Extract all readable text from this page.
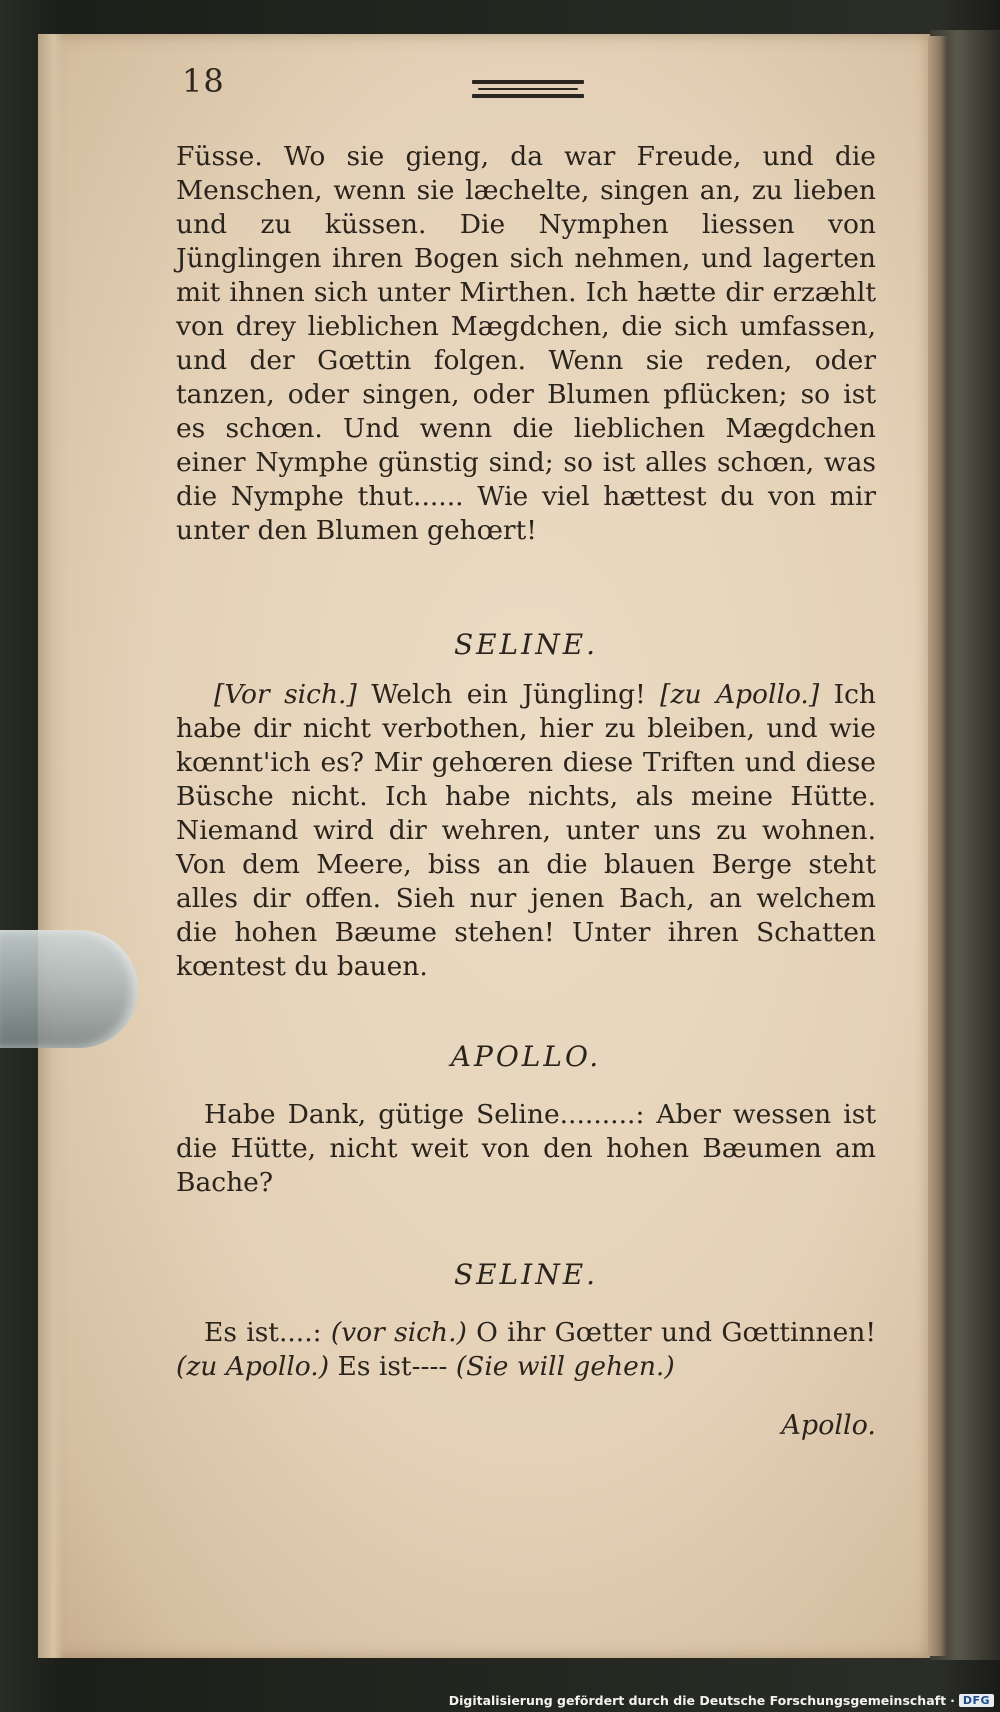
18

Füsse. Wo sie gieng, da war Freude, und die Menschen, wenn sie læchelte, singen an, zu lieben und zu küssen. Die Nymphen liessen von Jünglingen ihren Bogen sich nehmen, und lagerten mit ihnen sich unter Mirthen. Ich hætte dir erzæhlt von drey lieblichen Mægdchen, die sich umfassen, und der Gœttin folgen. Wenn sie reden, oder tanzen, oder singen, oder Blumen pflücken; so ist es schœn. Und wenn die lieblichen Mægdchen einer Nymphe günstig sind; so ist alles schœn, was die Nymphe thut...... Wie viel hættest du von mir unter den Blumen gehœrt!

SELINE.

[Vor sich.] Welch ein Jüngling! [zu Apollo.] Ich habe dir nicht verbothen, hier zu bleiben, und wie kœnnt'ich es? Mir gehœren diese Triften und diese Büsche nicht. Ich habe nichts, als meine Hütte. Niemand wird dir wehren, unter uns zu wohnen. Von dem Meere, biss an die blauen Berge steht alles dir offen. Sieh nur jenen Bach, an welchem die hohen Bæume stehen! Unter ihren Schatten kœntest du bauen.

APOLLO.

Habe Dank, gütige Seline.........: Aber wessen ist die Hütte, nicht weit von den hohen Bæumen am Bache?

SELINE.

Es ist....: (vor sich.) O ihr Gœtter und Gœttinnen! (zu Apollo.) Es ist---- (Sie will gehen.)

Apollo.
Digitalisierung gefördert durch die Deutsche Forschungsgemeinschaft · DFG
